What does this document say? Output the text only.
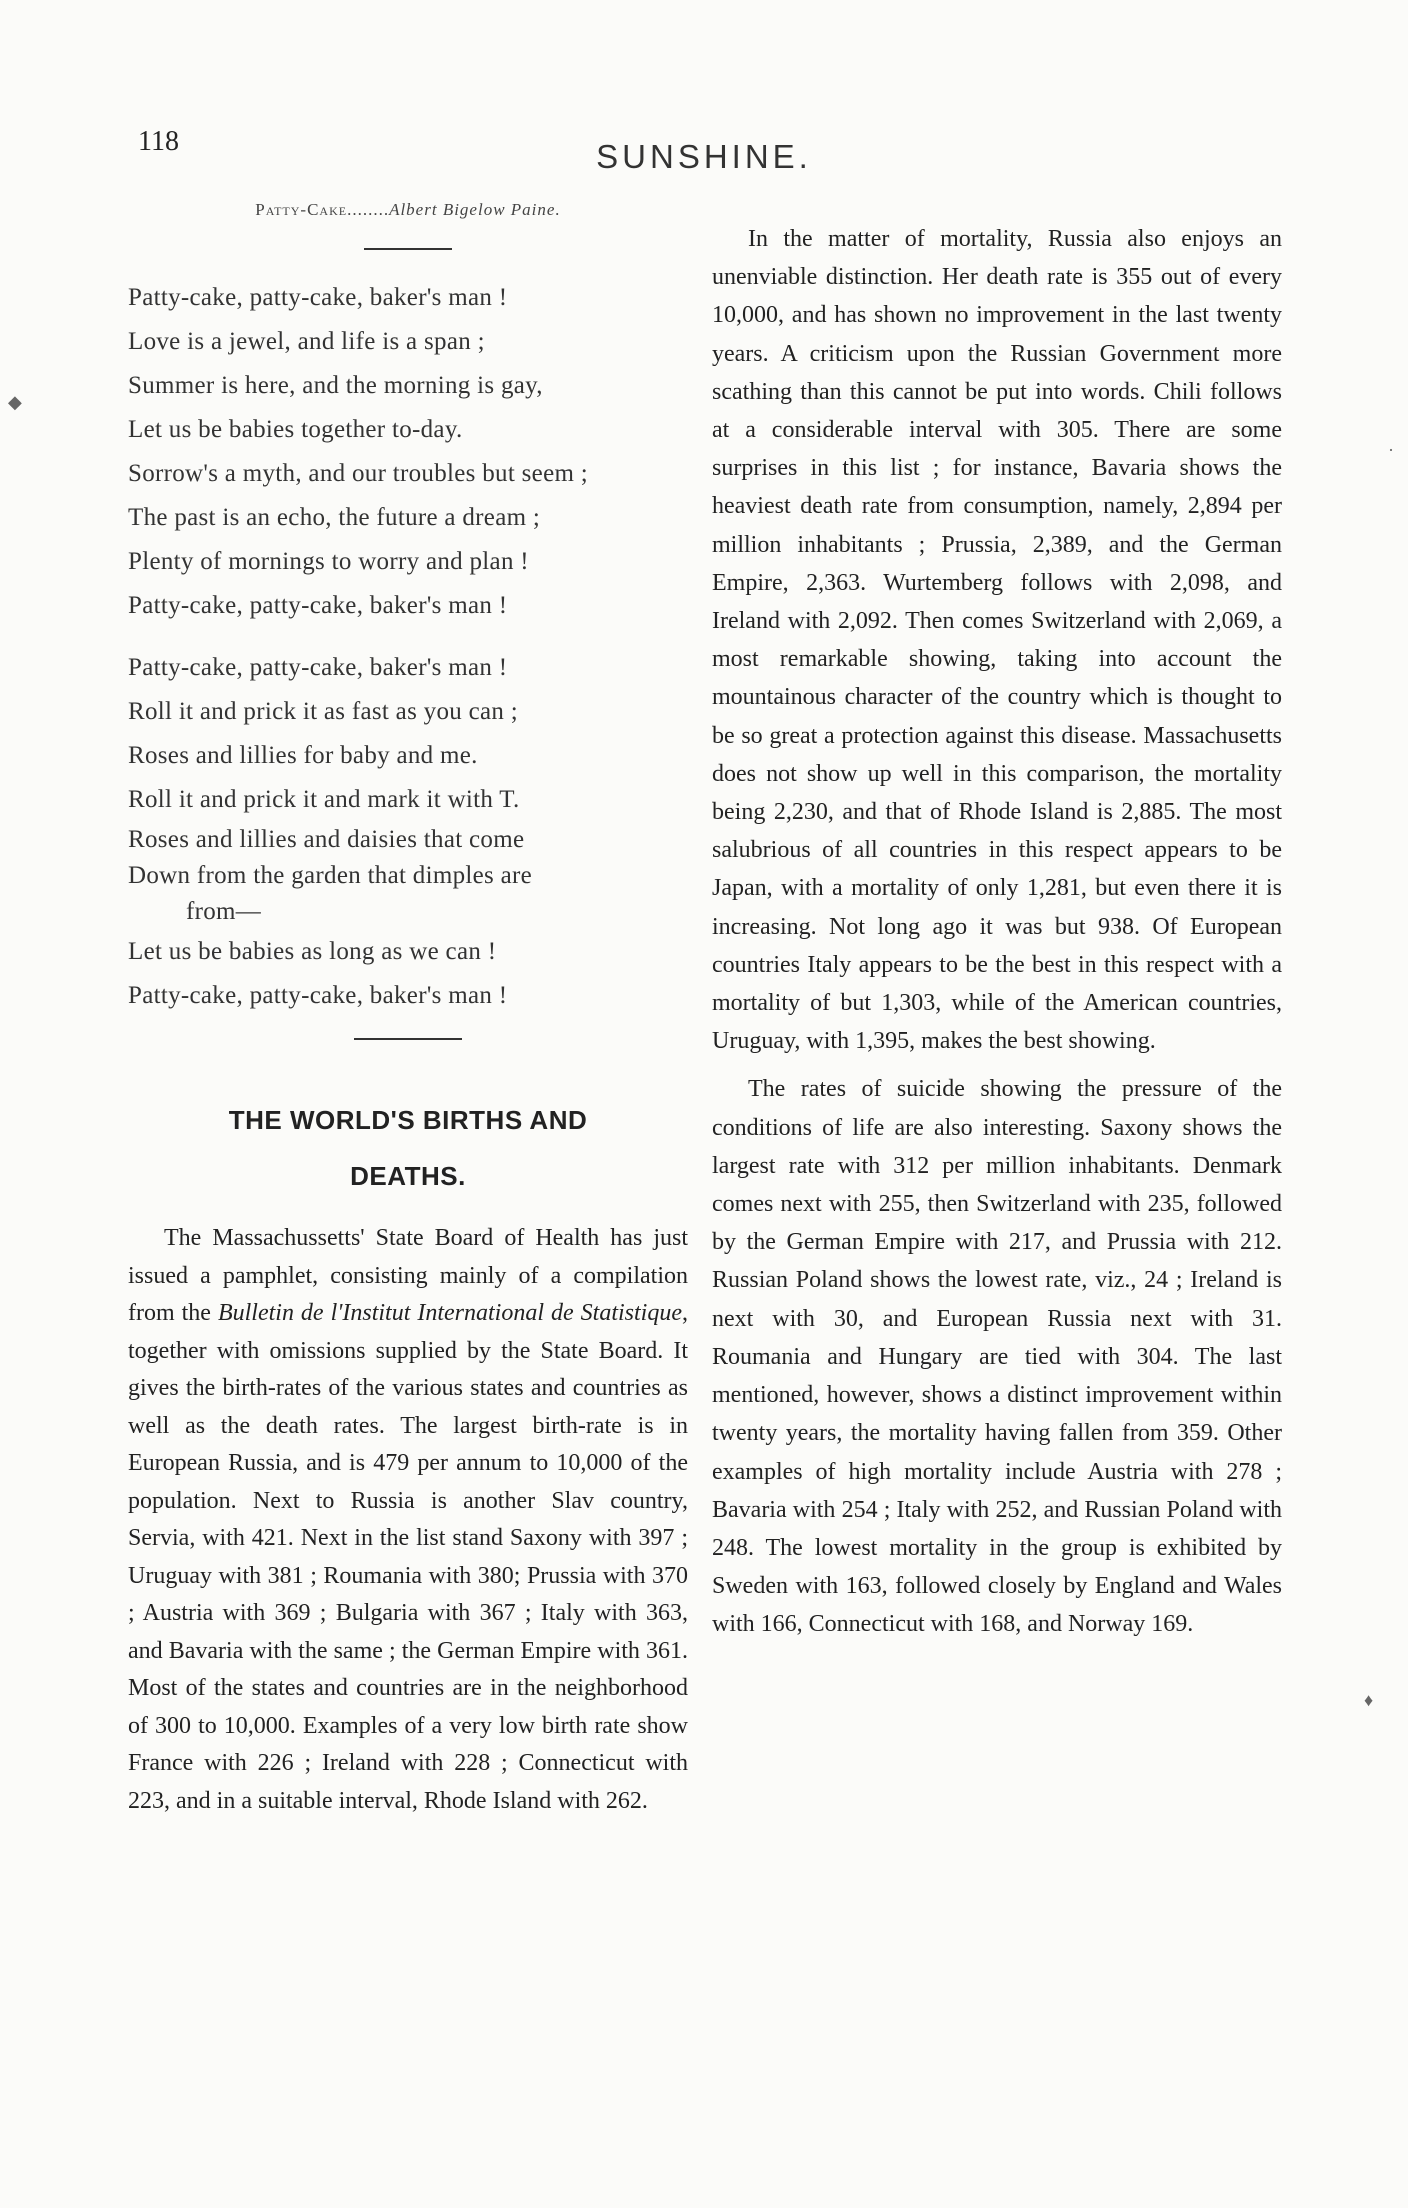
118	SUNSHINE.
◆
·
♦
Patty-Cake........Albert Bigelow Paine.
Patty-cake, patty-cake, baker's man !
Love is a jewel, and life is a span ;
Summer is here, and the morning is gay,
Let us be babies together to-day.
Sorrow's a myth, and our troubles but seem ;
The past is an echo, the future a dream ;
Plenty of mornings to worry and plan !
Patty-cake, patty-cake, baker's man !
Patty-cake, patty-cake, baker's man !
Roll it and prick it as fast as you can ;
Roses and lillies for baby and me.
Roll it and prick it and mark it with T.
Roses and lillies and daisies that come
Down from the garden that dimples are
from—
Let us be babies as long as we can !
Patty-cake, patty-cake, baker's man !
THE WORLD'S BIRTHS AND
DEATHS.

The Massachussetts' State Board of Health has just issued a pamphlet, consisting mainly of a compilation from the Bulletin de l'Institut International de Statistique, together with omissions supplied by the State Board. It gives the birth-rates of the various states and countries as well as the death rates. The largest birth-rate is in European Russia, and is 479 per annum to 10,000 of the population. Next to Russia is another Slav country, Servia, with 421. Next in the list stand Saxony with 397 ; Uruguay with 381 ; Roumania with 380; Prussia with 370 ; Austria with 369 ; Bulgaria with 367 ; Italy with 363, and Bavaria with the same ; the German Empire with 361. Most of the states and countries are in the neighborhood of 300 to 10,000. Examples of a very low birth rate show France with 226 ; Ireland with 228 ; Connecticut with 223, and in a suitable interval, Rhode Island with 262.

In the matter of mortality, Russia also enjoys an unenviable distinction. Her death rate is 355 out of every 10,000, and has shown no improvement in the last twenty years. A criticism upon the Russian Government more scathing than this cannot be put into words. Chili follows at a considerable interval with 305. There are some surprises in this list ; for instance, Bavaria shows the heaviest death rate from consumption, namely, 2,894 per million inhabitants ; Prussia, 2,389, and the German Empire, 2,363. Wurtemberg follows with 2,098, and Ireland with 2,092. Then comes Switzerland with 2,069, a most remarkable showing, taking into account the mountainous character of the country which is thought to be so great a protection against this disease. Massachusetts does not show up well in this comparison, the mortality being 2,230, and that of Rhode Island is 2,885. The most salubrious of all countries in this respect appears to be Japan, with a mortality of only 1,281, but even there it is increasing. Not long ago it was but 938. Of European countries Italy appears to be the best in this respect with a mortality of but 1,303, while of the American countries, Uruguay, with 1,395, makes the best showing.

The rates of suicide showing the pressure of the conditions of life are also interesting. Saxony shows the largest rate with 312 per million inhabitants. Denmark comes next with 255, then Switzerland with 235, followed by the German Empire with 217, and Prussia with 212. Russian Poland shows the lowest rate, viz., 24 ; Ireland is next with 30, and European Russia next with 31. Roumania and Hungary are tied with 304. The last mentioned, however, shows a distinct improvement within twenty years, the mortality having fallen from 359. Other examples of high mortality include Austria with 278 ; Bavaria with 254 ; Italy with 252, and Russian Poland with 248. The lowest mortality in the group is exhibited by Sweden with 163, followed closely by England and Wales with 166, Connecticut with 168, and Norway 169.
